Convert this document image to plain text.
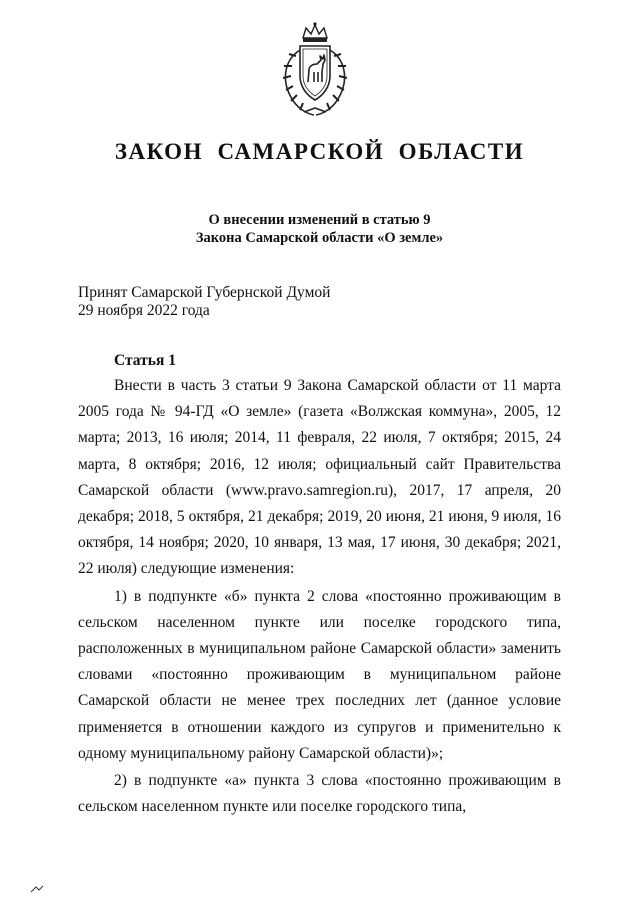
ЗАКОН  САМАРСКОЙ  ОБЛАСТИ
О внесении изменений в статью 9
Закона Самарской области «О земле»
Принят Самарской Губернской Думой
29 ноября 2022 года
Статья 1

Внести в часть 3 статьи 9 Закона Самарской области от 11 марта 2005 года № 94-ГД «О земле» (газета «Волжская коммуна», 2005, 12 марта; 2013, 16 июля; 2014, 11 февраля, 22 июля, 7 октября; 2015, 24 марта, 8 октября; 2016, 12 июля; официальный сайт Правительства Самарской области (www.pravo.samregion.ru), 2017, 17 апреля, 20 декабря; 2018, 5 октября, 21 декабря; 2019, 20 июня, 21 июня, 9 июля, 16 октября, 14 ноября; 2020, 10 января, 13 мая, 17 июня, 30 декабря; 2021, 22 июля) следующие изменения:

1) в подпункте «б» пункта 2 слова «постоянно проживающим в сельском населенном пункте или поселке городского типа, расположенных в муниципальном районе Самарской области» заменить словами «постоянно проживающим в муниципальном районе Самарской области не менее трех последних лет (данное условие применяется в отношении каждого из супругов и применительно к одному муниципальному району Самарской области)»;

2) в подпункте «а» пункта 3 слова «постоянно проживающим в сельском населенном пункте или поселке городского типа,
